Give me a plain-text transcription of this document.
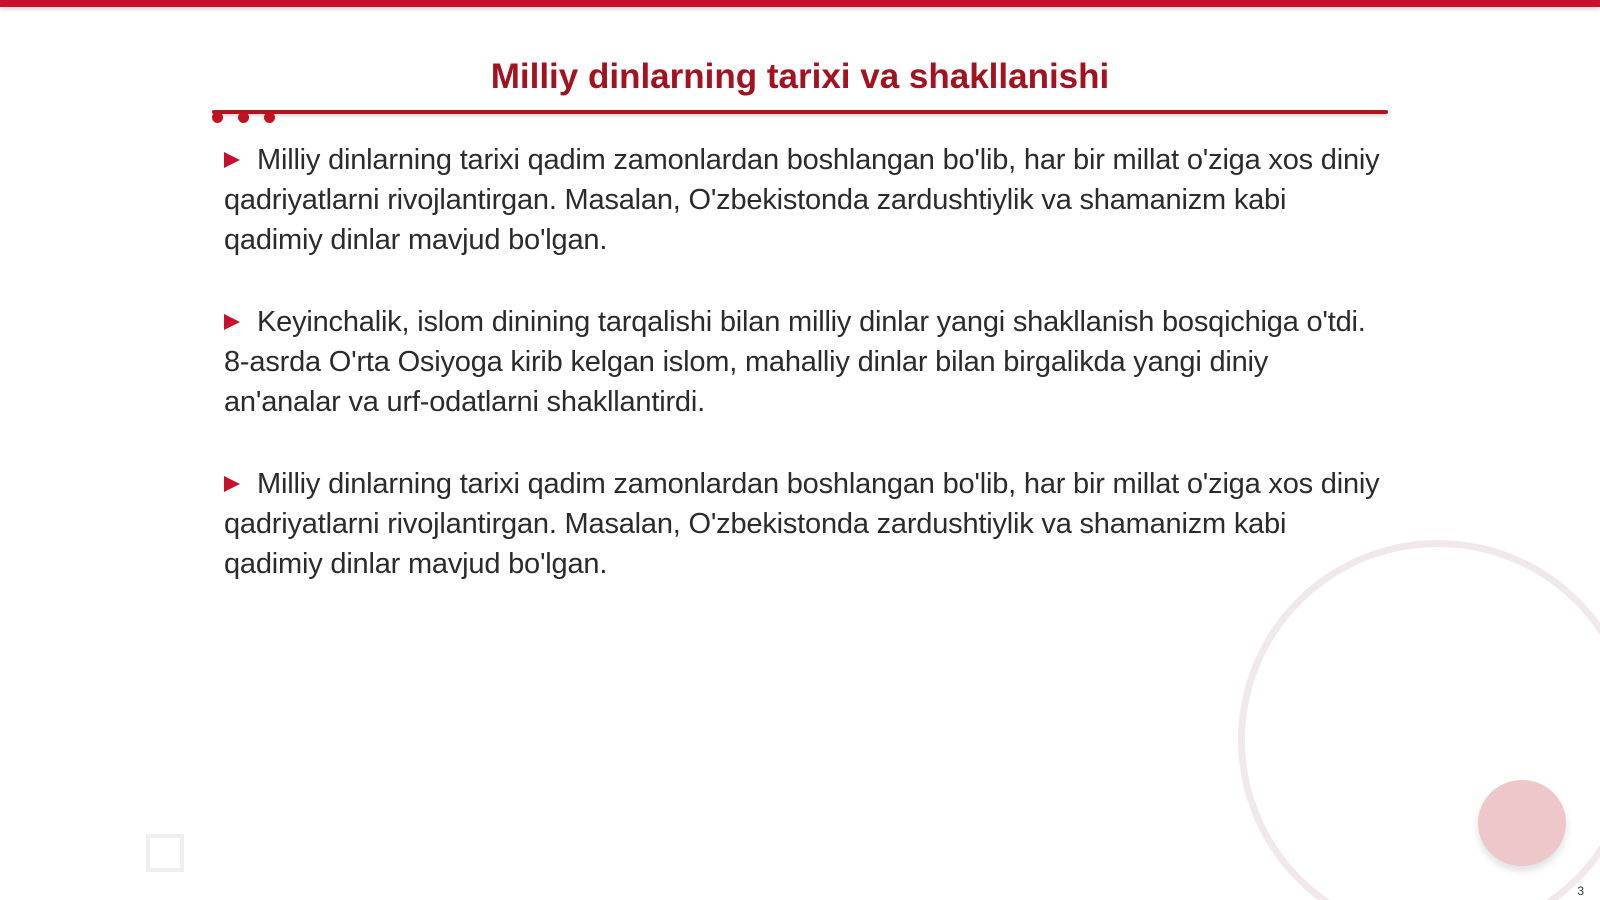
Milliy dinlarning tarixi va shakllanishi
Milliy dinlarning tarixi qadim zamonlardan boshlangan bo'lib, har bir millat o'ziga xos diniy qadriyatlarni rivojlantirgan. Masalan, O'zbekistonda zardushtiylik va shamanizm kabi qadimiy dinlar mavjud bo'lgan.
Keyinchalik, islom dinining tarqalishi bilan milliy dinlar yangi shakllanish bosqichiga o'tdi. 8-asrda O'rta Osiyoga kirib kelgan islom, mahalliy dinlar bilan birgalikda yangi diniy an'analar va urf-odatlarni shakllantirdi.
Milliy dinlarning tarixi qadim zamonlardan boshlangan bo'lib, har bir millat o'ziga xos diniy qadriyatlarni rivojlantirgan. Masalan, O'zbekistonda zardushtiylik va shamanizm kabi qadimiy dinlar mavjud bo'lgan.
3
